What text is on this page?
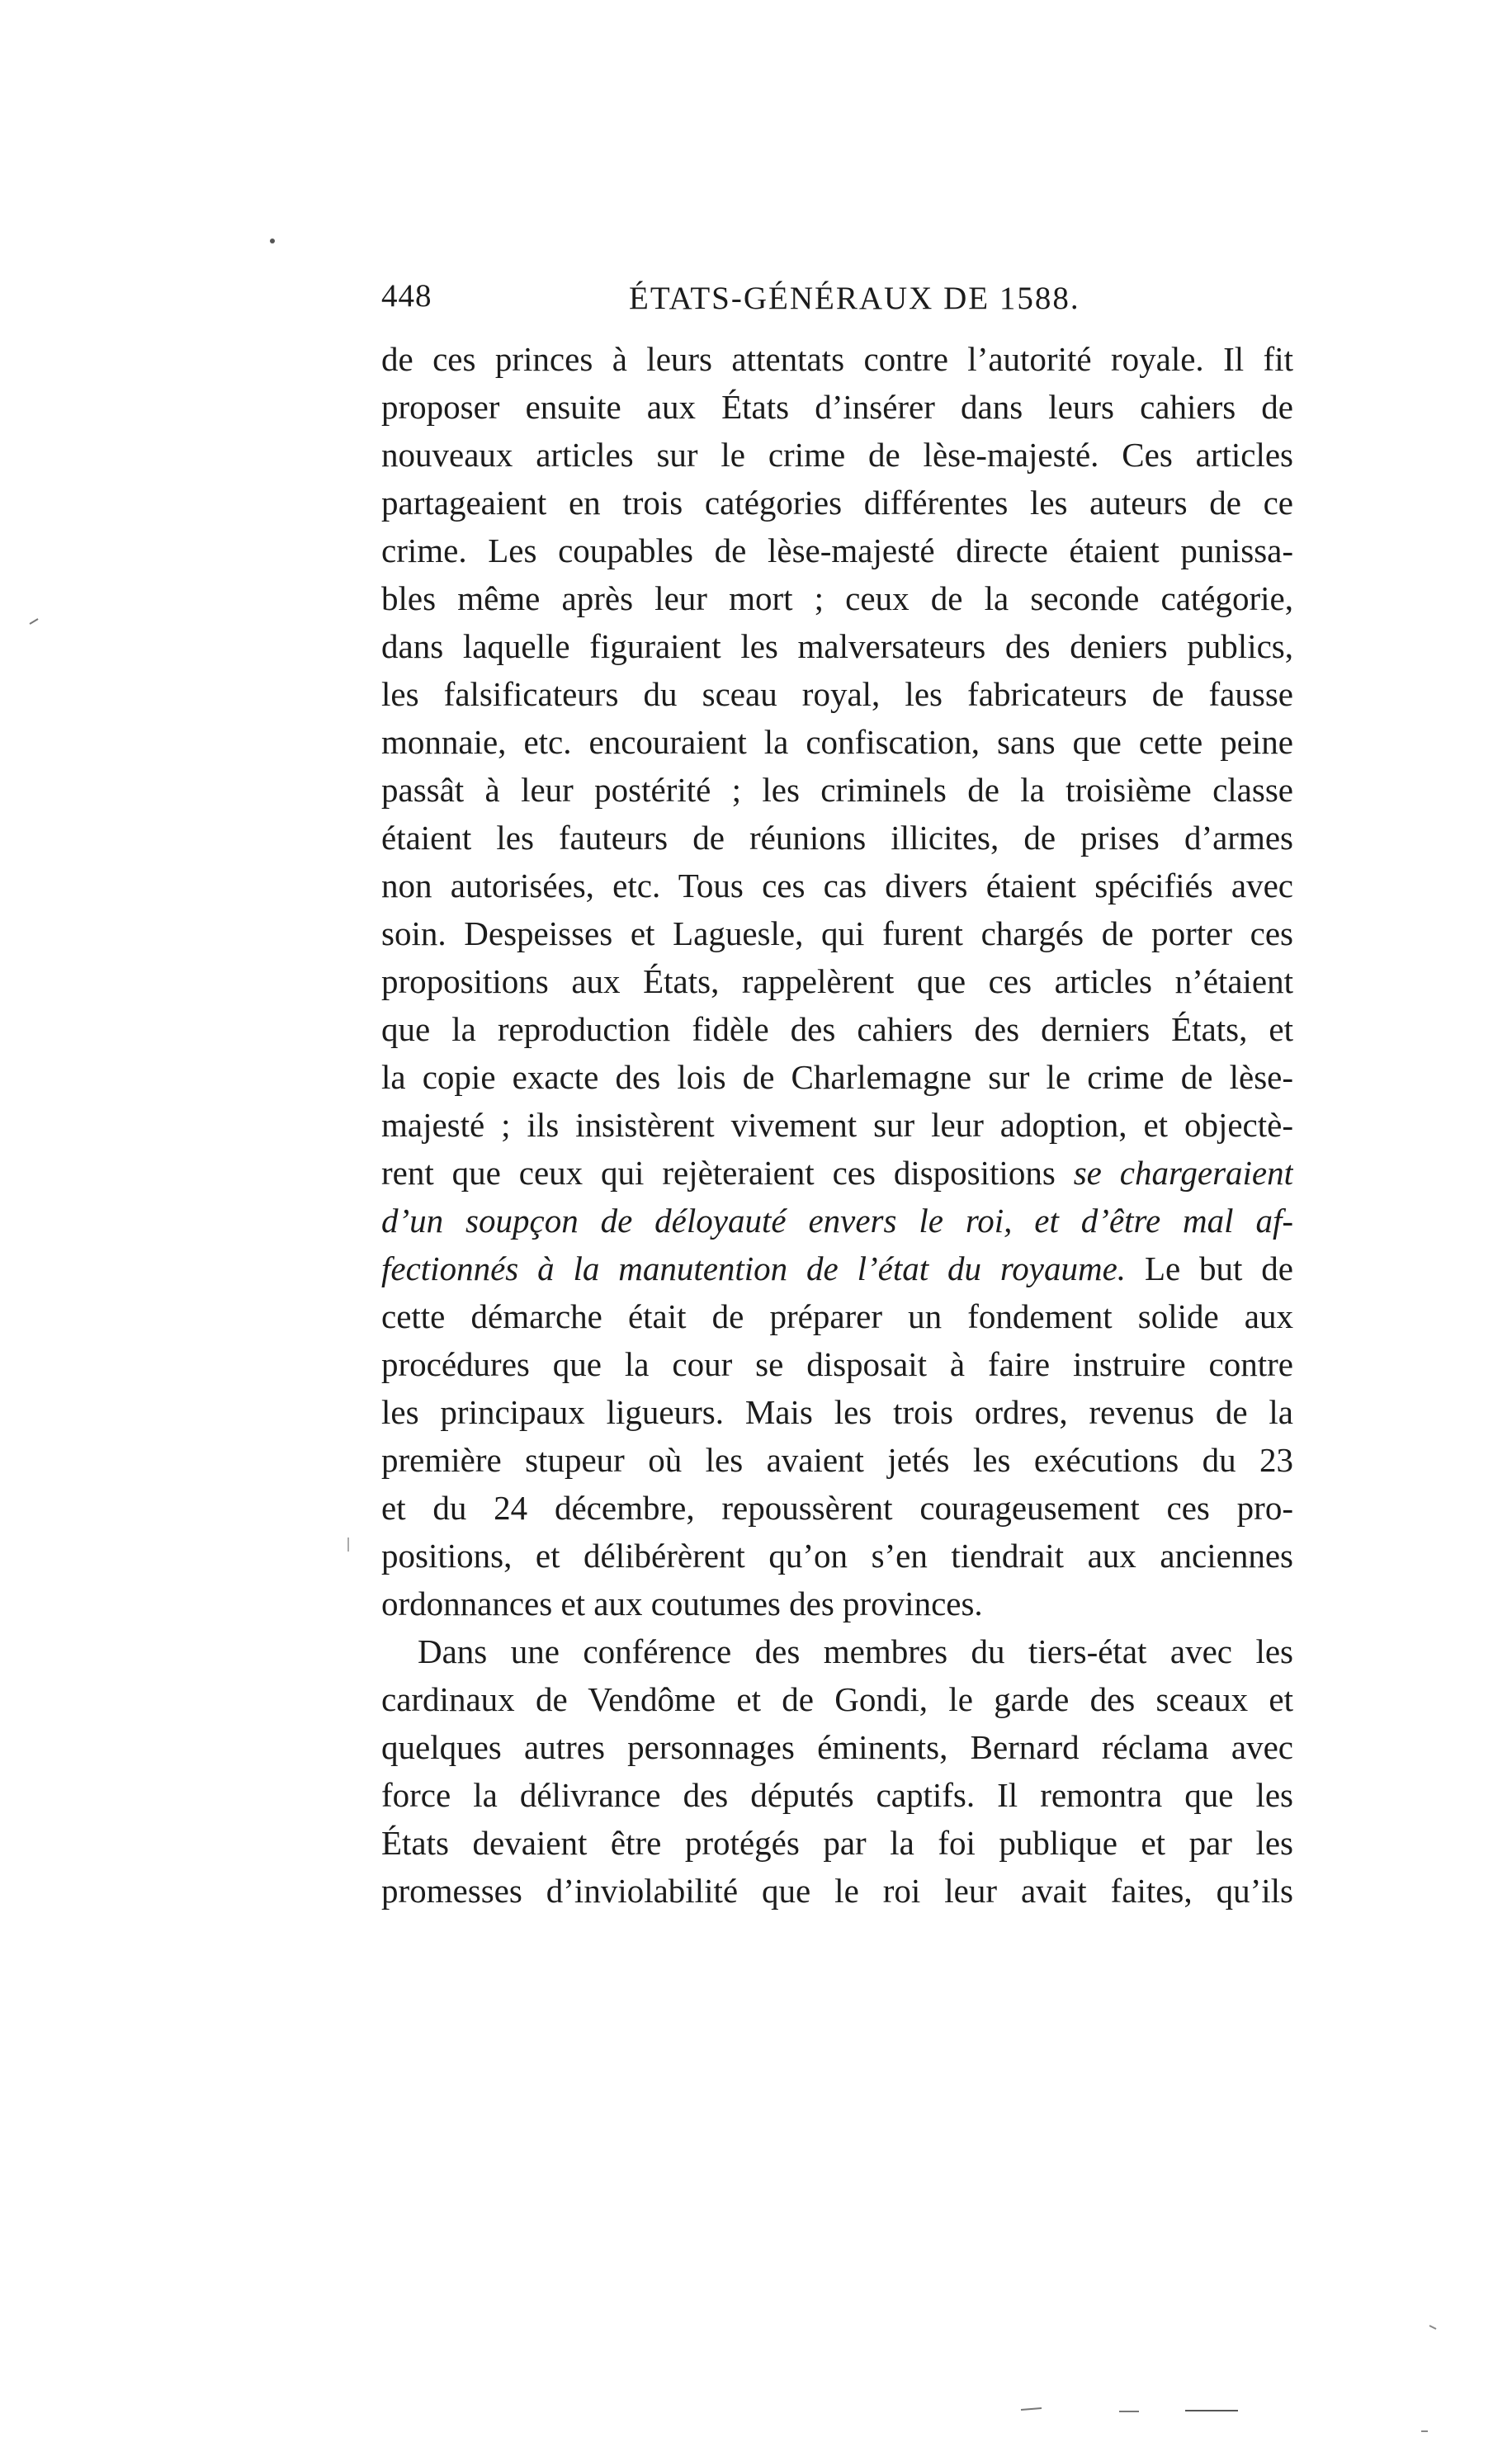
448	ÉTATS-GÉNÉRAUX DE 1588.
de ces princes à leurs attentats contre l’autorité royale. Il fit
proposer ensuite aux États d’insérer dans leurs cahiers de
nouveaux articles sur le crime de lèse-majesté. Ces articles
partageaient en trois catégories différentes les auteurs de ce
crime. Les coupables de lèse-majesté directe étaient punissa-
bles même après leur mort ; ceux de la seconde catégorie,
dans laquelle figuraient les malversateurs des deniers publics,
les falsificateurs du sceau royal, les fabricateurs de fausse
monnaie, etc. encouraient la confiscation, sans que cette peine
passât à leur postérité ; les criminels de la troisième classe
étaient les fauteurs de réunions illicites, de prises d’armes
non autorisées, etc. Tous ces cas divers étaient spécifiés avec
soin. Despeisses et Laguesle, qui furent chargés de porter ces
propositions aux États, rappelèrent que ces articles n’étaient
que la reproduction fidèle des cahiers des derniers États, et
la copie exacte des lois de Charlemagne sur le crime de lèse-
majesté ; ils insistèrent vivement sur leur adoption, et objectè-
rent que ceux qui rejèteraient ces dispositions se chargeraient
d’un soupçon de déloyauté envers le roi, et d’être mal af-
fectionnés à la manutention de l’état du royaume. Le but de
cette démarche était de préparer un fondement solide aux
procédures que la cour se disposait à faire instruire contre
les principaux ligueurs. Mais les trois ordres, revenus de la
première stupeur où les avaient jetés les exécutions du 23
et du 24 décembre, repoussèrent courageusement ces pro-
positions, et délibérèrent qu’on s’en tiendrait aux anciennes
ordonnances et aux coutumes des provinces.
Dans une conférence des membres du tiers-état avec les
cardinaux de Vendôme et de Gondi, le garde des sceaux et
quelques autres personnages éminents, Bernard réclama avec
force la délivrance des députés captifs. Il remontra que les
États devaient être protégés par la foi publique et par les
promesses d’inviolabilité que le roi leur avait faites, qu’ils
